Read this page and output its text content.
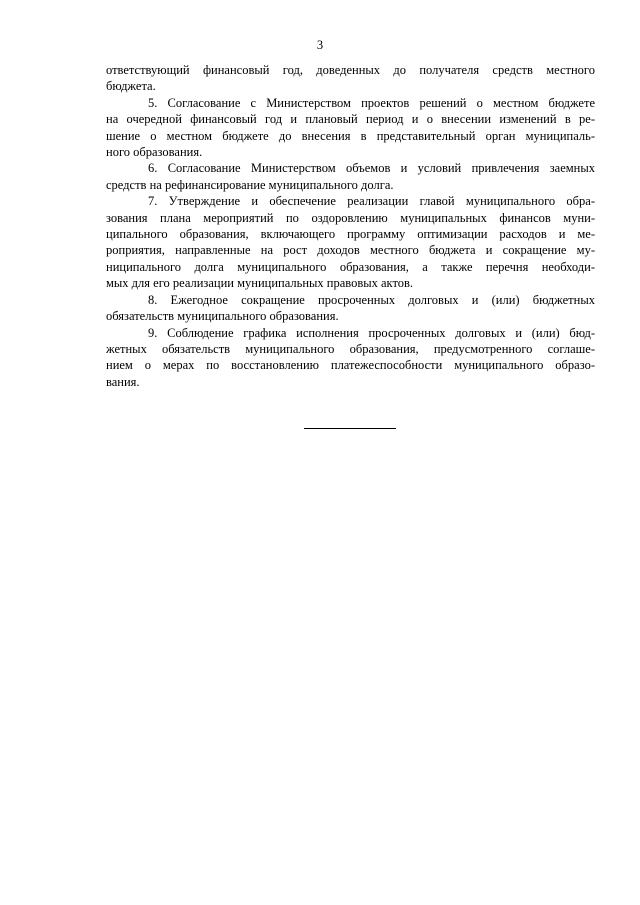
3
ответствующий финансовый год, доведенных до получателя средств местного
бюджета.
5. Согласование с Министерством проектов решений о местном бюджете
на очередной финансовый год и плановый период и о внесении изменений в ре-
шение о местном бюджете до внесения в представительный орган муниципаль-
ного образования.
6. Согласование Министерством объемов и условий привлечения заемных
средств на рефинансирование муниципального долга.
7. Утверждение и обеспечение реализации главой муниципального обра-
зования плана мероприятий по оздоровлению муниципальных финансов муни-
ципального образования, включающего программу оптимизации расходов и ме-
роприятия, направленные на рост доходов местного бюджета и сокращение му-
ниципального долга муниципального образования, а также перечня необходи-
мых для его реализации муниципальных правовых актов.
8. Ежегодное сокращение просроченных долговых и (или) бюджетных
обязательств муниципального образования.
9. Соблюдение графика исполнения просроченных долговых и (или) бюд-
жетных обязательств муниципального образования, предусмотренного соглаше-
нием о мерах по восстановлению платежеспособности муниципального образо-
вания.
